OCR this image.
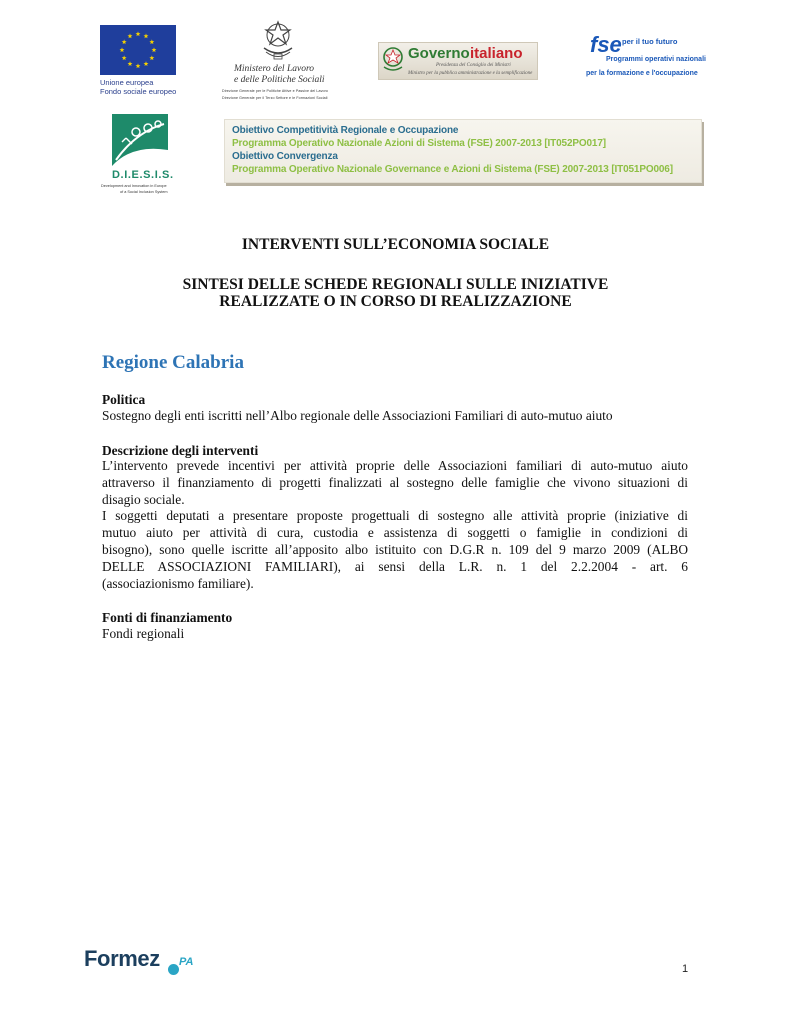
Unione europea
Fondo sociale europeo
Ministero del Lavoro
e delle Politiche Sociali
Direzione Generale per le Politiche Attive e Passive del Lavoro
Direzione Generale per il Terzo Settore e le Formazioni Sociali
Governo italiano
Presidenza del Consiglio dei Ministri
Ministro per la pubblica amministrazione e la semplificazione
fse per il tuo futuro
Programmi operativi nazionali
per la formazione e l'occupazione
D.I.E.S.I.S.
Development and Innovation in Europe
of a Social Inclusion System
Obiettivo Competitività Regionale e Occupazione
Programma Operativo Nazionale Azioni di Sistema (FSE) 2007-2013 [IT052PO017]
Obiettivo Convergenza
Programma Operativo Nazionale Governance e Azioni di Sistema (FSE) 2007-2013 [IT051PO006]
INTERVENTI SULL’ECONOMIA SOCIALE
SINTESI DELLE SCHEDE REGIONALI SULLE INIZIATIVE
REALIZZATE O IN CORSO DI REALIZZAZIONE
Regione Calabria
Politica
Sostegno degli enti iscritti nell’Albo regionale delle Associazioni Familiari di auto-mutuo aiuto
Descrizione degli interventi
L’intervento prevede incentivi per attività proprie delle Associazioni familiari di auto-mutuo aiuto
attraverso il finanziamento di progetti finalizzati al sostegno delle famiglie che vivono situazioni di
disagio sociale.
I soggetti deputati a presentare proposte progettuali di sostegno alle attività proprie (iniziative di
mutuo aiuto per attività di cura, custodia e assistenza di soggetti o famiglie in condizioni di
bisogno), sono quelle iscritte all’apposito albo istituito con D.G.R n. 109 del 9 marzo 2009 (ALBO
DELLE ASSOCIAZIONI FAMILIARI), ai sensi della L.R. n. 1 del 2.2.2004 - art. 6
(associazionismo familiare).
Fonti di finanziamento
Fondi regionali
Formez PA
1
